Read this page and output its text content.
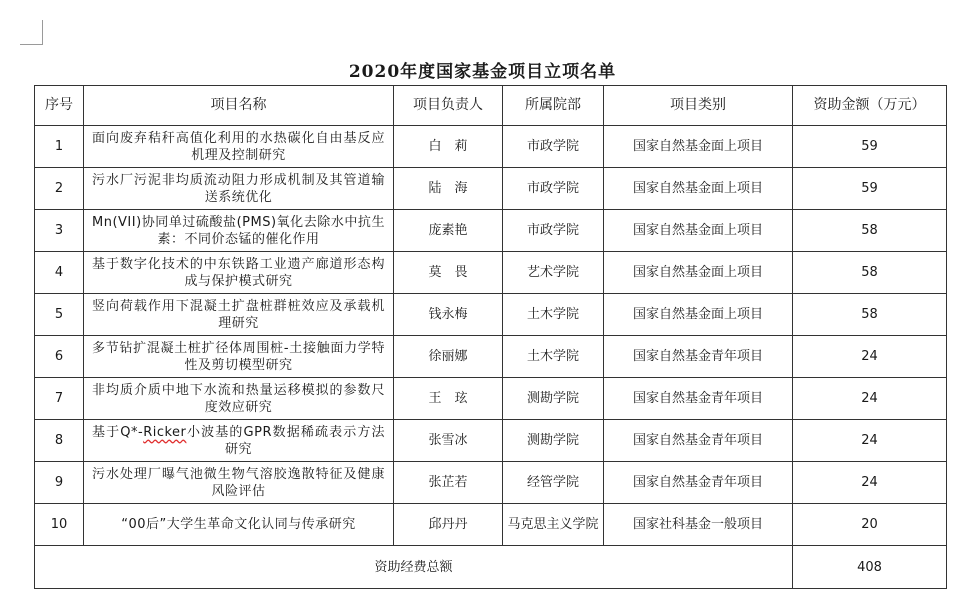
2020年度国家基金项目立项名单
序号	项目名称	项目负责人	所属院部	项目类别	资助金额（万元）
1	面向废弃秸秆高值化利用的水热碳化自由基反应机理及控制研究	白　莉	市政学院	国家自然基金面上项目	59
2	污水厂污泥非均质流动阻力形成机制及其管道输送系统优化	陆　海	市政学院	国家自然基金面上项目	59
3	Mn(VII)协同单过硫酸盐(PMS)氧化去除水中抗生素：不同价态锰的催化作用	庞素艳	市政学院	国家自然基金面上项目	58
4	基于数字化技术的中东铁路工业遗产廊道形态构成与保护模式研究	莫　畏	艺术学院	国家自然基金面上项目	58
5	竖向荷载作用下混凝土扩盘桩群桩效应及承载机理研究	钱永梅	土木学院	国家自然基金面上项目	58
6	多节钻扩混凝土桩扩径体周围桩-土接触面力学特性及剪切模型研究	徐丽娜	土木学院	国家自然基金青年项目	24
7	非均质介质中地下水流和热量运移模拟的参数尺度效应研究	王　玹	测勘学院	国家自然基金青年项目	24
8	基于Q*-Ricker小波基的GPR数据稀疏表示方法研究	张雪冰	测勘学院	国家自然基金青年项目	24
9	污水处理厂曝气池微生物气溶胶逸散特征及健康风险评估	张芷若	经管学院	国家自然基金青年项目	24
10	“00后”大学生革命文化认同与传承研究	邱丹丹	马克思主义学院	国家社科基金一般项目	20
资助经费总额					408
